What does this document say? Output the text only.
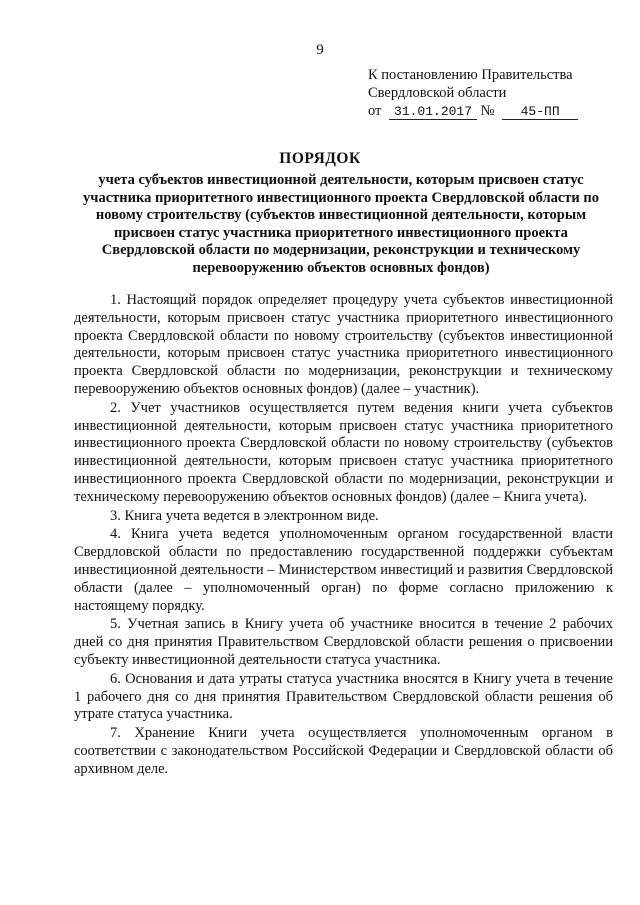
9
К постановлению Правительства
Свердловской области
от 31.01.2017 № 45-ПП
ПОРЯДОК
учета субъектов инвестиционной деятельности, которым присвоен статус участника приоритетного инвестиционного проекта Свердловской области по новому строительству (субъектов инвестиционной деятельности, которым присвоен статус участника приоритетного инвестиционного проекта Свердловской области по модернизации, реконструкции и техническому перевооружению объектов основных фондов)

1. Настоящий порядок определяет процедуру учета субъектов инвестиционной деятельности, которым присвоен статус участника приоритетного инвестиционного проекта Свердловской области по новому строительству (субъектов инвестиционной деятельности, которым присвоен статус участника приоритетного инвестиционного проекта Свердловской области по модернизации, реконструкции и техническому перевооружению объектов основных фондов) (далее – участник).

2. Учет участников осуществляется путем ведения книги учета субъектов инвестиционной деятельности, которым присвоен статус участника приоритетного инвестиционного проекта Свердловской области по новому строительству (субъектов инвестиционной деятельности, которым присвоен статус участника приоритетного инвестиционного проекта Свердловской области по модернизации, реконструкции и техническому перевооружению объектов основных фондов) (далее – Книга учета).

3. Книга учета ведется в электронном виде.

4. Книга учета ведется уполномоченным органом государственной власти Свердловской области по предоставлению государственной поддержки субъектам инвестиционной деятельности – Министерством инвестиций и развития Свердловской области (далее – уполномоченный орган) по форме согласно приложению к настоящему порядку.

5. Учетная запись в Книгу учета об участнике вносится в течение 2 рабочих дней со дня принятия Правительством Свердловской области решения о присвоении субъекту инвестиционной деятельности статуса участника.

6. Основания и дата утраты статуса участника вносятся в Книгу учета в течение 1 рабочего дня со дня принятия Правительством Свердловской области решения об утрате статуса участника.

7. Хранение Книги учета осуществляется уполномоченным органом в соответствии с законодательством Российской Федерации и Свердловской области об архивном деле.
